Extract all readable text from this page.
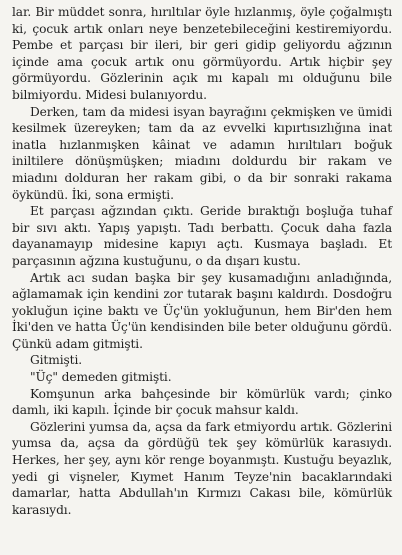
lar. Bir müddet sonra, hırıltılar öyle hızlanmış, öyle çoğalmıştı ki, çocuk artık onları neye benzetebileceğini kestiremiyordu. Pembe et parçası bir ileri, bir geri gidip geliyordu ağzının içinde ama çocuk artık onu görmüyordu. Artık hiçbir şey görmüyordu. Gözlerinin açık mı kapalı mı olduğunu bile bilmiyordu. Midesi bulanıyordu.

Derken, tam da midesi isyan bayrağını çekmişken ve ümidi kesilmek üzereyken; tam da az evvelki kıpırtısızlığına inat inatla hızlanmışken kâinat ve adamın hırıltıları boğuk iniltilere dönüşmüşken; miadını doldurdu bir rakam ve miadını dolduran her rakam gibi, o da bir sonraki rakama öykündü. İki, sona ermişti.

Et parçası ağzından çıktı. Geride bıraktığı boşluğa tuhaf bir sıvı aktı. Yapış yapıştı. Tadı berbattı. Çocuk daha fazla dayanamayıp midesine kapıyı açtı. Kusmaya başladı. Et parçasının ağzına kustuğunu, o da dışarı kustu.

Artık acı sudan başka bir şey kusamadığını anladığında, ağlamamak için kendini zor tutarak başını kaldırdı. Dosdoğru yokluğun içine baktı ve Üç'ün yokluğunun, hem Bir'den hem İki'den ve hatta Üç'ün kendisinden bile beter olduğunu gördü. Çünkü adam gitmişti.

Gitmişti.

"Üç" demeden gitmişti.

Komşunun arka bahçesinde bir kömürlük vardı; çinko damlı, iki kapılı. İçinde bir çocuk mahsur kaldı.

Gözlerini yumsa da, açsa da fark etmiyordu artık. Gözlerini yumsa da, açsa da gördüğü tek şey kömürlük karasıydı. Herkes, her şey, aynı kör renge boyanmıştı. Kustuğu beyazlık, yedi gi vişneler, Kıymet Hanım Teyze'nin bacaklarındaki damarlar, hatta Abdullah'ın Kırmızı Cakası bile, kömürlük karasıydı.
